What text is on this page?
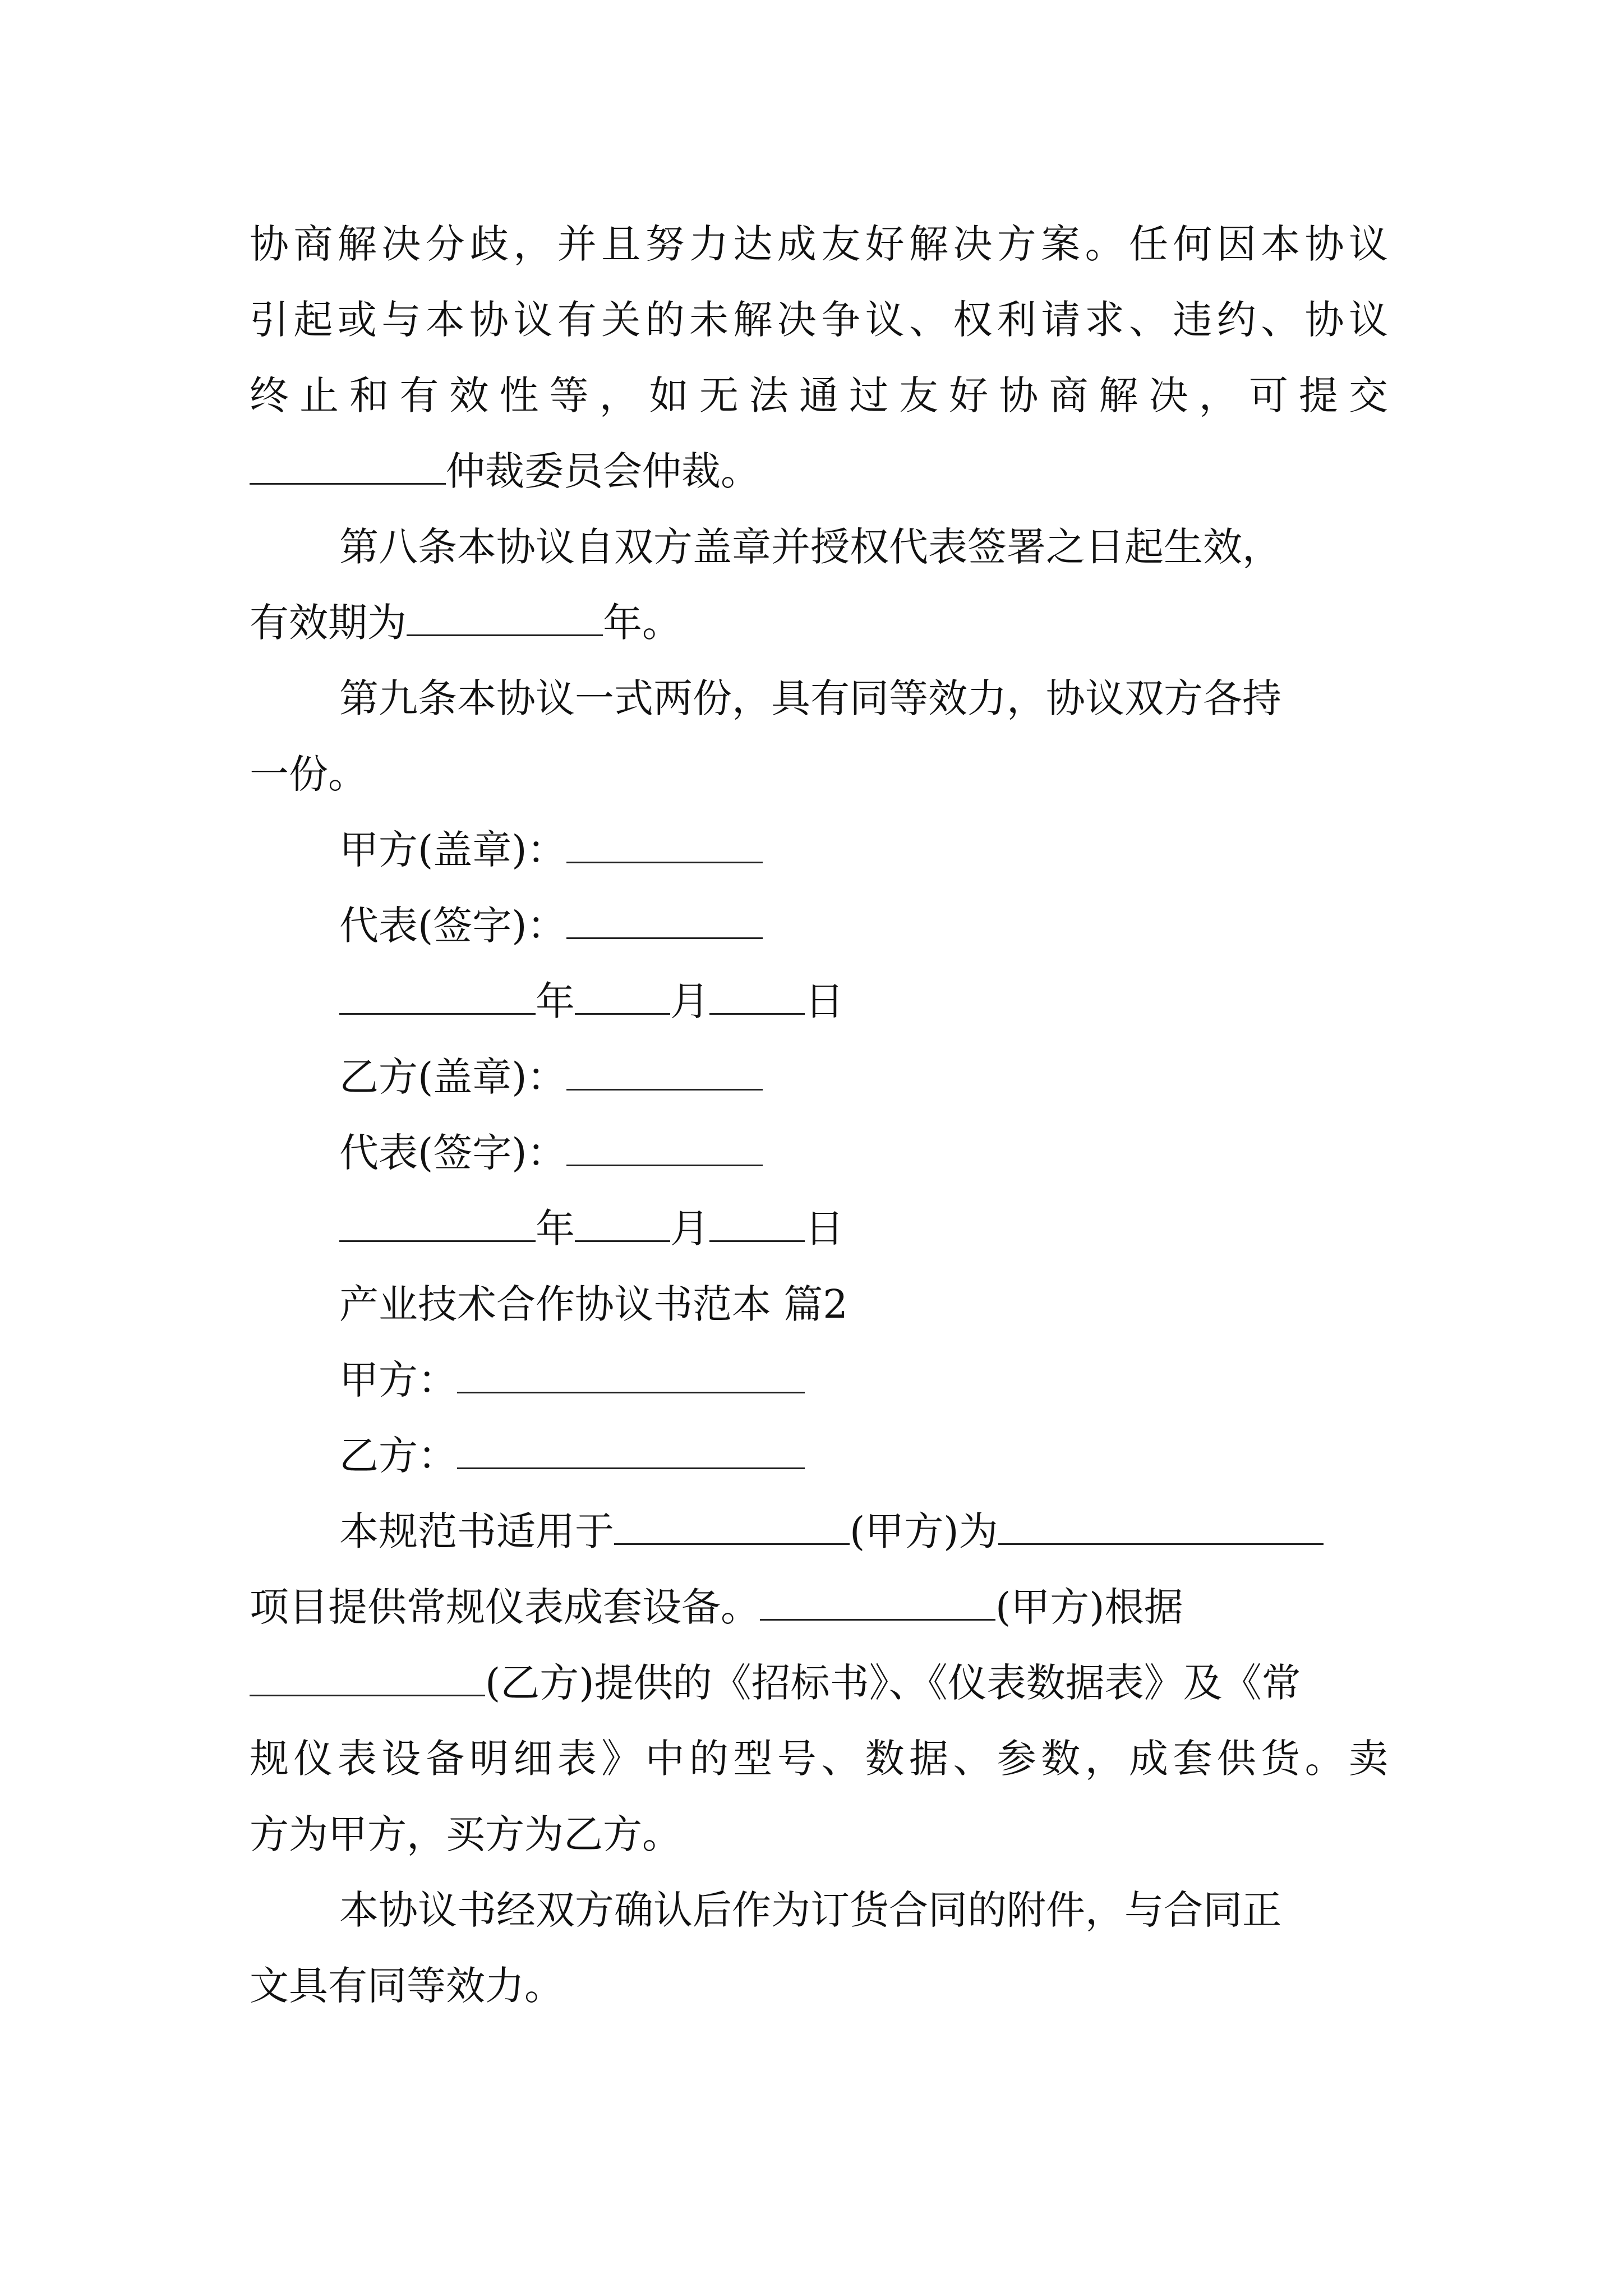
协商解决分歧，并且努力达成友好解决方案。任何因本协议
引起或与本协议有关的未解决争议、权利请求、违约、协议
终止和有效性等，如无法通过友好协商解决，可提交
仲裁委员会仲裁。
第八条本协议自双方盖章并授权代表签署之日起生效，
有效期为	年。
第九条本协议一式两份，具有同等效力，协议双方各持
一份。
甲方(盖章)：
代表(签字)：
年 月 日
乙方(盖章)：
代表(签字)：
年 月 日
产业技术合作协议书范本 篇2
甲方：
乙方：
本规范书适用于	(甲方)为
项目提供常规仪表成套设备。	(甲方)根据
(乙方)提供的《招标书》、《仪表数据表》及《常
规仪表设备明细表》中的型号、数据、参数，成套供货。卖
方为甲方，买方为乙方。
本协议书经双方确认后作为订货合同的附件，与合同正
文具有同等效力。
